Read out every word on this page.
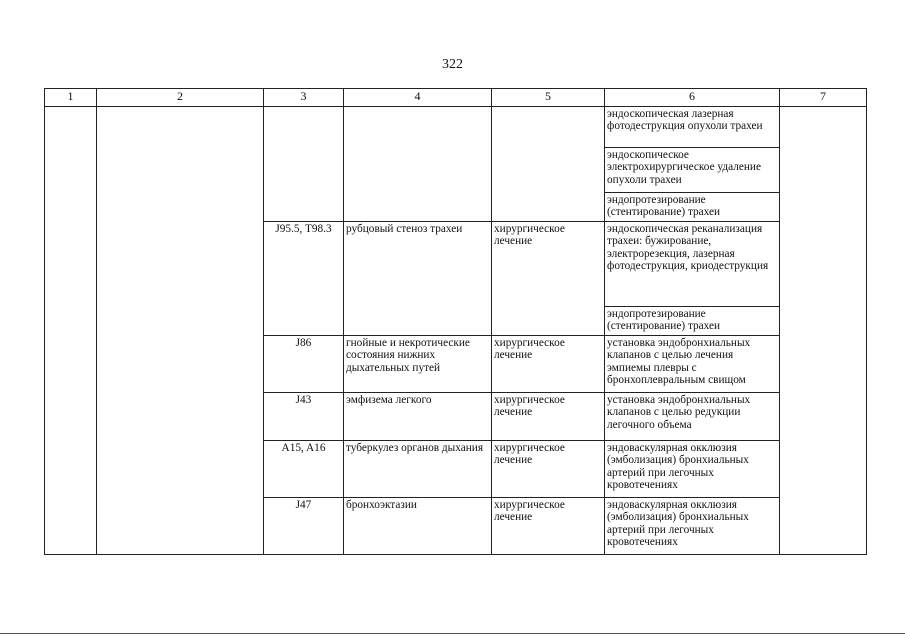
322
1	2	3	4	5	6	7
					эндоскопическая лазерная фотодеструкция опухоли трахеи	
					эндоскопическое электрохирургическое удаление опухоли трахеи	
					эндопротезирование (стентирование) трахеи	
		J95.5, T98.3	рубцовый стеноз трахеи	хирургическое лечение	эндоскопическая реканализация трахеи: бужирование, электрорезекция, лазерная фотодеструкция, криодеструкция	
					эндопротезирование (стентирование) трахеи	
		J86	гнойные и некротические состояния нижних дыхательных путей	хирургическое лечение	установка эндобронхиальных клапанов с целью лечения эмпиемы плевры с бронхоплевральным свищом	
		J43	эмфизема легкого	хирургическое лечение	установка эндобронхиальных клапанов с целью редукции легочного объема	
		A15, A16	туберкулез органов дыхания	хирургическое лечение	эндоваскулярная окклюзия (эмболизация) бронхиальных артерий при легочных кровотечениях	
		J47	бронхоэктазии	хирургическое лечение	эндоваскулярная окклюзия (эмболизация) бронхиальных артерий при легочных кровотечениях	
